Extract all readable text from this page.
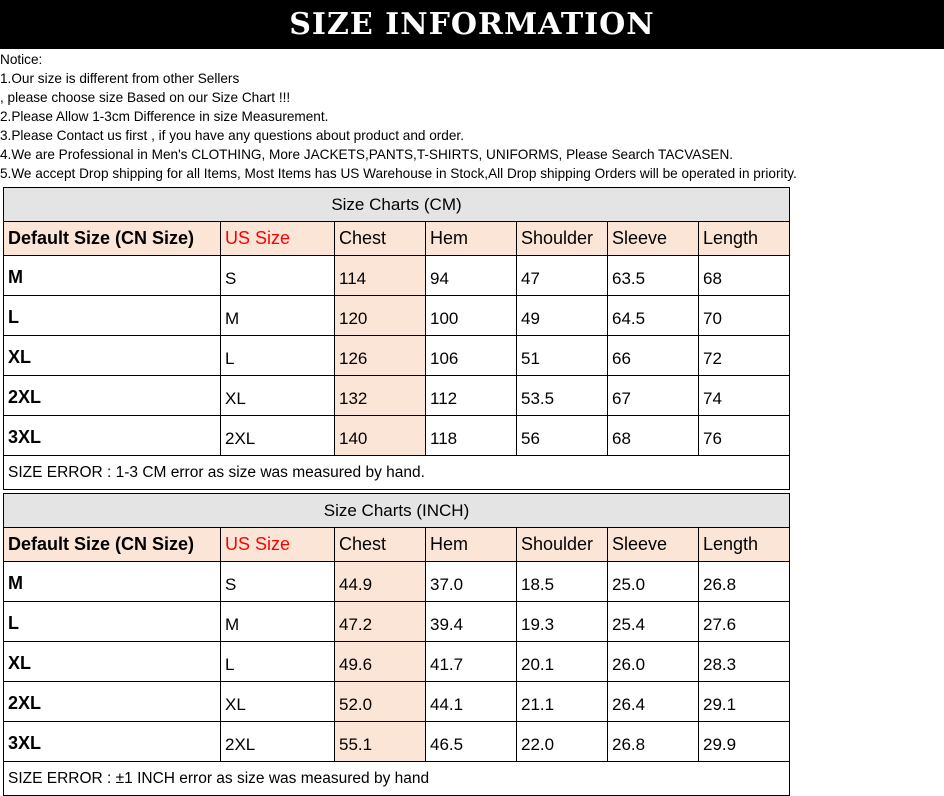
SIZE INFORMATION
Notice:
1.Our size is different from other Sellers
, please choose size Based on our Size Chart !!!
2.Please Allow 1-3cm Difference in size Measurement.
3.Please Contact us first , if you have any questions about product and order.
4.We are Professional in Men's CLOTHING, More JACKETS,PANTS,T-SHIRTS, UNIFORMS, Please Search TACVASEN.
5.We accept Drop shipping for all Items, Most Items has US Warehouse in Stock,All Drop shipping Orders will be operated in priority.
Size Charts (CM)						
Default Size (CN Size)	US Size	Chest	Hem	Shoulder	Sleeve	Length
M	S	114	94	47	63.5	68
L	M	120	100	49	64.5	70
XL	L	126	106	51	66	72
2XL	XL	132	112	53.5	67	74
3XL	2XL	140	118	56	68	76
SIZE ERROR : 1-3 CM error as size was measured by hand.						
Size Charts (INCH)						
Default Size (CN Size)	US Size	Chest	Hem	Shoulder	Sleeve	Length
M	S	44.9	37.0	18.5	25.0	26.8
L	M	47.2	39.4	19.3	25.4	27.6
XL	L	49.6	41.7	20.1	26.0	28.3
2XL	XL	52.0	44.1	21.1	26.4	29.1
3XL	2XL	55.1	46.5	22.0	26.8	29.9
SIZE ERROR : ±1 INCH error as size was measured by hand						
